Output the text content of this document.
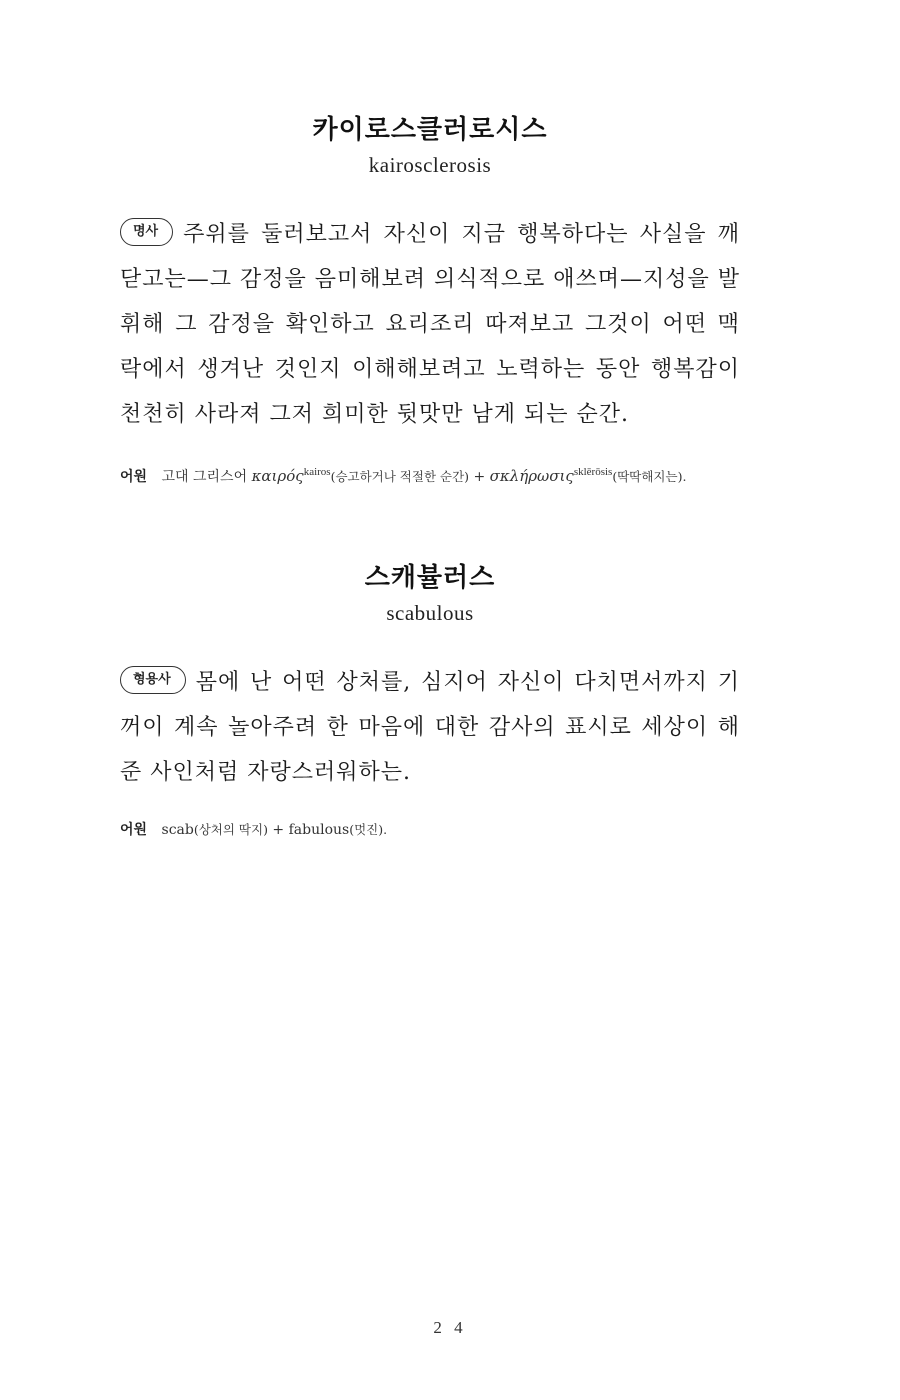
카이로스클러로시스
kairosclerosis
명사 주위를 둘러보고서 자신이 지금 행복하다는 사실을 깨닫고는—그 감정을 음미해보려 의식적으로 애쓰며—지성을 발휘해 그 감정을 확인하고 요리조리 따져보고 그것이 어떤 맥락에서 생겨난 것인지 이해해보려고 노력하는 동안 행복감이 천천히 사라져 그저 희미한 뒷맛만 남게 되는 순간.
어원 고대 그리스어 καιρός$^{kairos}$(승고하거나 적절한 순간) + σκλήρωσις$^{sklērōsis}$(딱딱해지는).
스캐뷸러스
scabulous
형용사 몸에 난 어떤 상처를, 심지어 자신이 다치면서까지 기꺼이 계속 놀아주려 한 마음에 대한 감사의 표시로 세상이 해준 사인처럼 자랑스러워하는.
어원 scab(상처의 딱지) + fabulous(멋진).
2 4
